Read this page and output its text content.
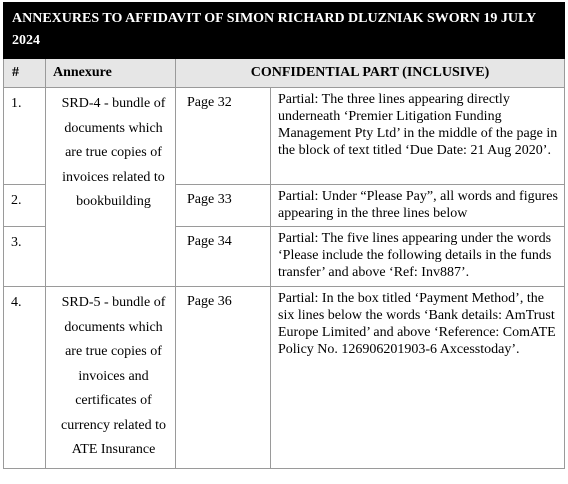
ANNEXURES TO AFFIDAVIT OF SIMON RICHARD DLUZNIAK SWORN 19 JULY 2024			
#	Annexure	CONFIDENTIAL PART (INCLUSIVE)	
1.	SRD-4 - bundle of documents which are true copies of invoices related to bookbuilding	Page 32	Partial: The three lines appearing directly underneath ‘Premier Litigation Funding Management Pty Ltd’ in the middle of the page in the block of text titled ‘Due Date: 21 Aug 2020’.
2.		Page 33	Partial: Under “Please Pay”, all words and figures appearing in the three lines below
3.		Page 34	Partial: The five lines appearing under the words ‘Please include the following details in the funds transfer’ and above ‘Ref: Inv887’.
4.	SRD-5 - bundle of documents which are true copies of invoices and certificates of currency related to ATE Insurance	Page 36	Partial: In the box titled ‘Payment Method’, the six lines below the words ‘Bank details: AmTrust Europe Limited’ and above ‘Reference: ComATE Policy No. 126906201903-6 Axcesstoday’.
